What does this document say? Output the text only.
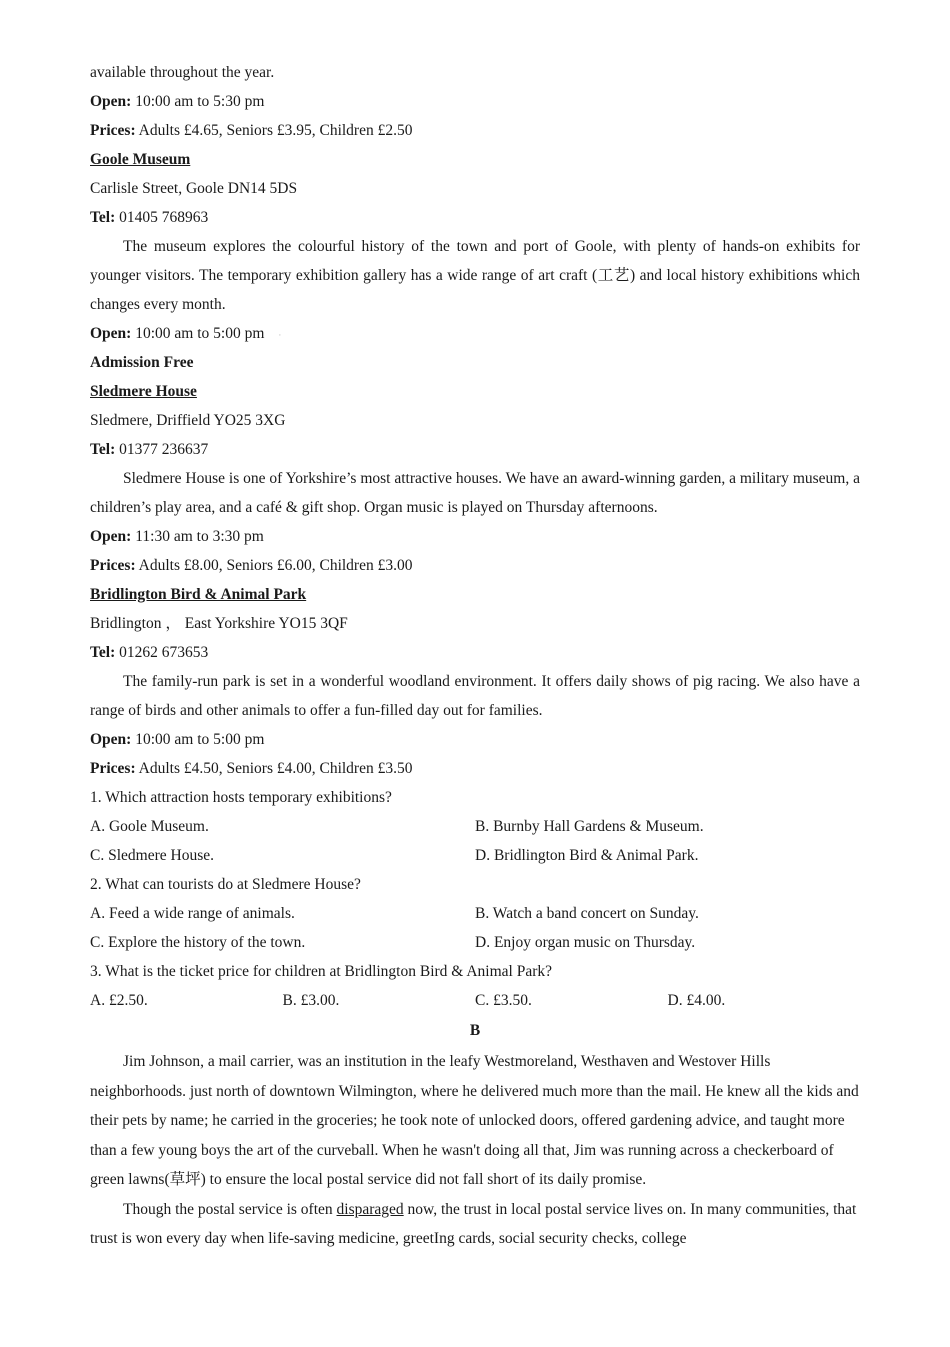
available throughout the year.
Open: 10:00 am to 5:30 pm
Prices: Adults £4.65, Seniors £3.95, Children £2.50
Goole Museum
Carlisle Street, Goole DN14 5DS
Tel: 01405 768963

The museum explores the colourful history of the town and port of Goole, with plenty of hands-on exhibits for younger visitors. The temporary exhibition gallery has a wide range of art craft (工艺) and local history exhibitions which changes every month.

Open: 10:00 am to 5:00 pm ·
Admission Free
Sledmere House
Sledmere, Driffield YO25 3XG
Tel: 01377 236637

Sledmere House is one of Yorkshire’s most attractive houses. We have an award-winning garden, a military museum, a children’s play area, and a café & gift shop. Organ music is played on Thursday afternoons.

Open: 11:30 am to 3:30 pm
Prices: Adults £8.00, Seniors £6.00, Children £3.00
Bridlington Bird & Animal Park
Bridlington ， East Yorkshire YO15 3QF
Tel: 01262 673653

The family-run park is set in a wonderful woodland environment. It offers daily shows of pig racing. We also have a range of birds and other animals to offer a fun-filled day out for families.

Open: 10:00 am to 5:00 pm
Prices: Adults £4.50, Seniors £4.00, Children £3.50
1. Which attraction hosts temporary exhibitions?
A. Goole Museum.	B. Burnby Hall Gardens & Museum.
C. Sledmere House.	D. Bridlington Bird & Animal Park.
2. What can tourists do at Sledmere House?
A. Feed a wide range of animals.	B. Watch a band concert on Sunday.
C. Explore the history of the town.	D. Enjoy organ music on Thursday.
3. What is the ticket price for children at Bridlington Bird & Animal Park?
A. £2.50.	B. £3.00.	C. £3.50.	D. £4.00.
B

Jim Johnson, a mail carrier, was an institution in the leafy Westmoreland, Westhaven and Westover Hills neighborhoods. just north of downtown Wilmington, where he delivered much more than the mail. He knew all the kids and their pets by name; he carried in the groceries; he took note of unlocked doors, offered gardening advice, and taught more than a few young boys the art of the curveball. When he wasn't doing all that, Jim was running across a checkerboard of green lawns(草坪) to ensure the local postal service did not fall short of its daily promise.

Though the postal service is often disparaged now, the trust in local postal service lives on. In many communities, that trust is won every day when life-saving medicine, greetIng cards, social security checks, college
